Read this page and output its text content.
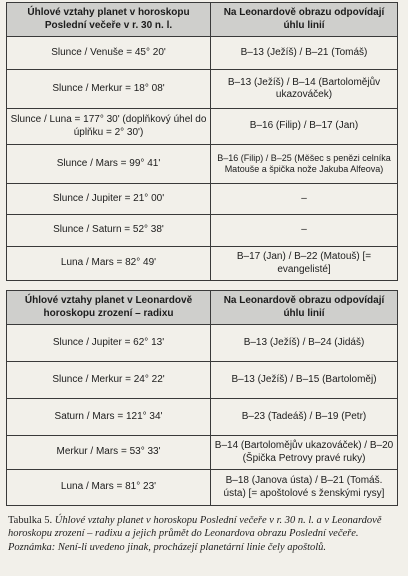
Úhlové vztahy planet v horoskopu Poslední večeře v r. 30 n. l.	Na Leonardově obrazu odpovídají úhlu linií
Slunce / Venuše = 45° 20'	B–13 (Ježíš) / B–21 (Tomáš)
Slunce / Merkur = 18° 08'	B–13 (Ježíš) / B–14 (Bartolomějův ukazováček)
Slunce / Luna = 177° 30' (doplňkový úhel do úplňku = 2° 30')	B–16 (Filip) / B–17 (Jan)
Slunce / Mars = 99° 41'	B–16 (Filip) / B–25 (Měšec s penězi celníka Matouše a špička nože Jakuba Alfeova)
Slunce / Jupiter = 21° 00'	–
Slunce / Saturn = 52° 38'	–
Luna / Mars = 82° 49'	B–17 (Jan) / B–22 (Matouš) [= evangelisté]
Úhlové vztahy planet v Leonardově horoskopu zrození – radixu	Na Leonardově obrazu odpovídají úhlu linií
Slunce / Jupiter = 62° 13'	B–13 (Ježíš) / B–24 (Jidáš)
Slunce / Merkur = 24° 22'	B–13 (Ježíš) / B–15 (Bartoloměj)
Saturn / Mars = 121° 34'	B–23 (Tadeáš) / B–19 (Petr)
Merkur / Mars = 53° 33'	B–14 (Bartolomějův ukazováček) / B–20 (Špička Petrovy pravé ruky)
Luna / Mars = 81° 23'	B–18 (Janova ústa) / B–21 (Tomáš. ústa) [= apoštolové s ženskými rysy]
Tabulka 5. Úhlové vztahy planet v horoskopu Poslední večeře v r. 30 n. l. a v Leonardově horoskopu zrození – radixu a jejich průmět do Leonardova obrazu Poslední večeře. Poznámka: Není-li uvedeno jinak, procházejí planetární linie čely apoštolů.
